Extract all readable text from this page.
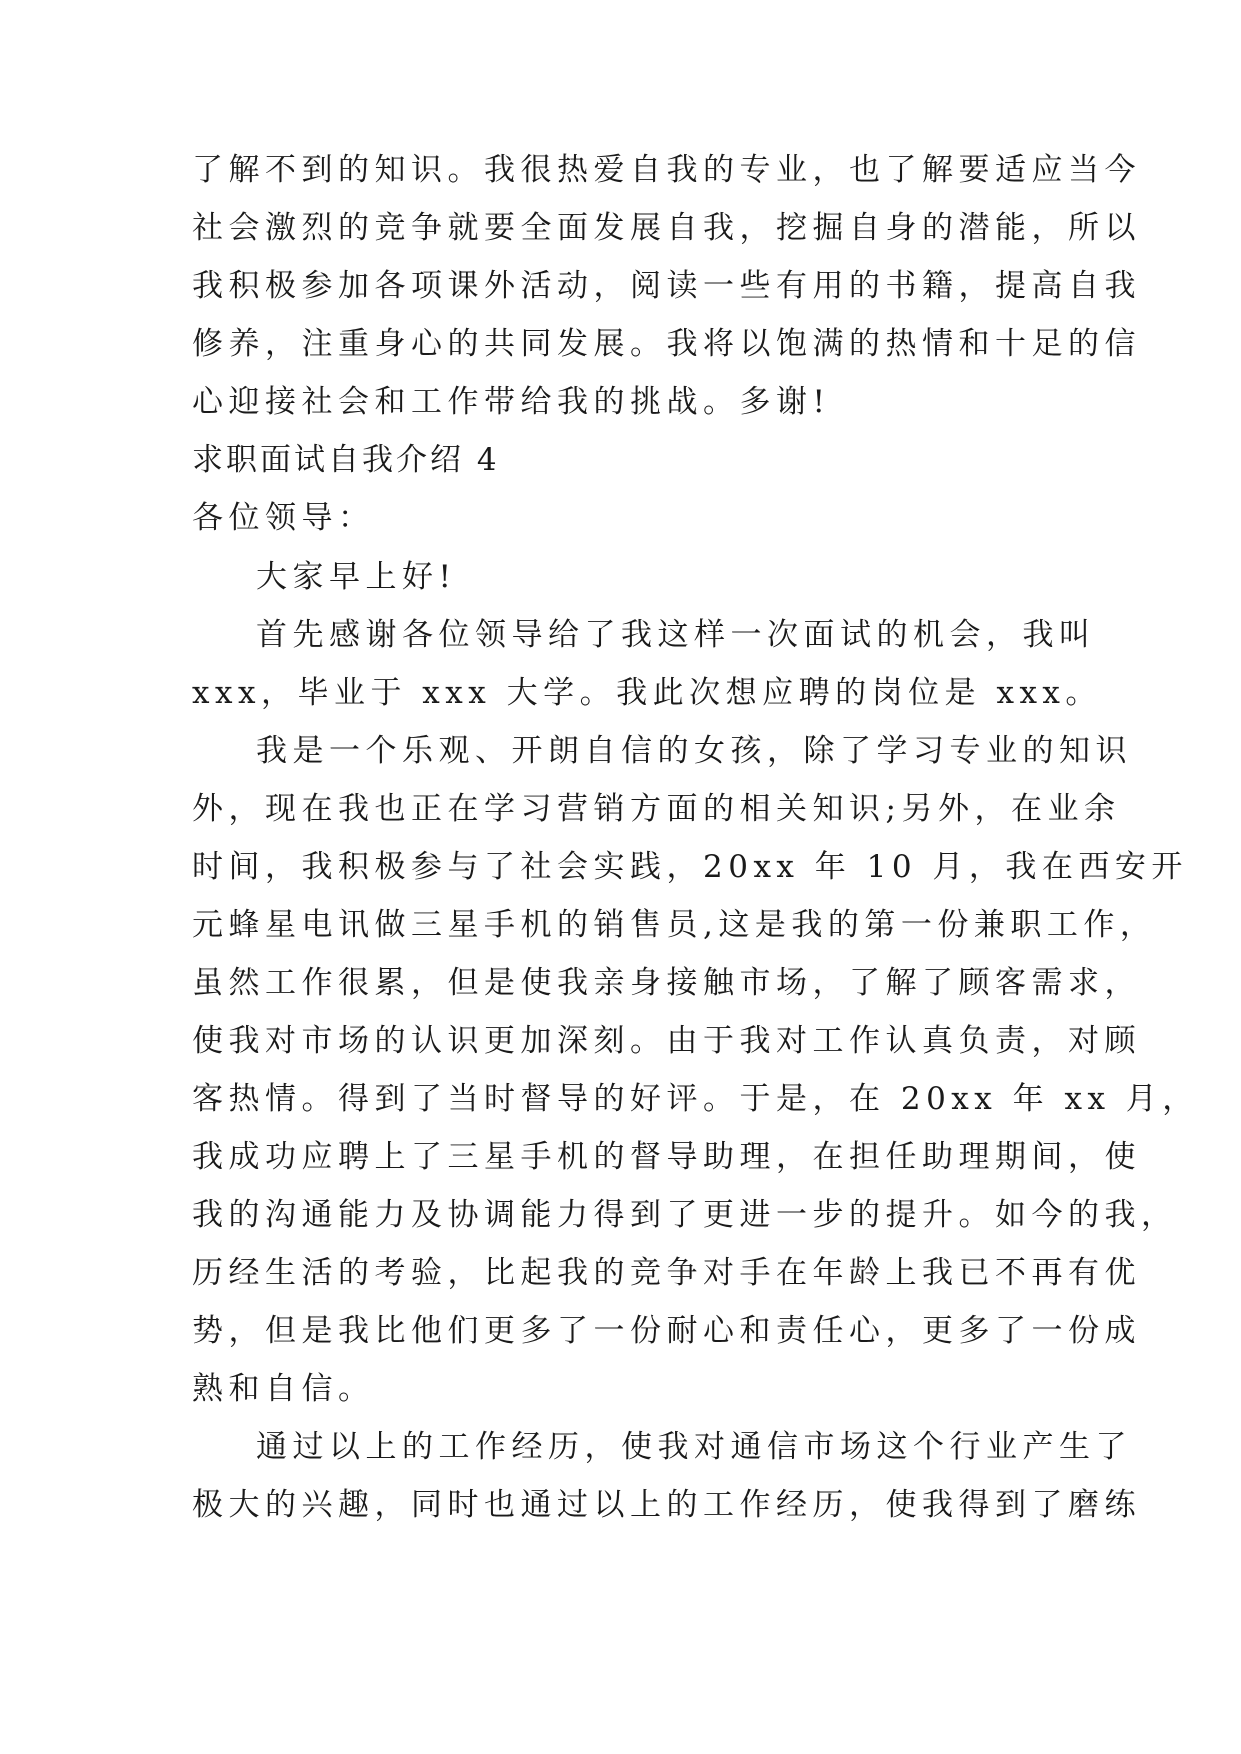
了解不到的知识。我很热爱自我的专业，也了解要适应当今
社会激烈的竞争就要全面发展自我，挖掘自身的潜能，所以
我积极参加各项课外活动，阅读一些有用的书籍，提高自我
修养，注重身心的共同发展。我将以饱满的热情和十足的信
心迎接社会和工作带给我的挑战。多谢!
求职面试自我介绍 4
各位领导：
大家早上好!
首先感谢各位领导给了我这样一次面试的机会，我叫
xxx，毕业于 xxx 大学。我此次想应聘的岗位是 xxx。
我是一个乐观、开朗自信的女孩，除了学习专业的知识
外，现在我也正在学习营销方面的相关知识;另外，在业余
时间，我积极参与了社会实践，20xx 年 10 月，我在西安开
元蜂星电讯做三星手机的销售员,这是我的第一份兼职工作，
虽然工作很累，但是使我亲身接触市场，了解了顾客需求，
使我对市场的认识更加深刻。由于我对工作认真负责，对顾
客热情。得到了当时督导的好评。于是，在 20xx 年 xx 月，
我成功应聘上了三星手机的督导助理，在担任助理期间，使
我的沟通能力及协调能力得到了更进一步的提升。如今的我，
历经生活的考验，比起我的竞争对手在年龄上我已不再有优
势，但是我比他们更多了一份耐心和责任心，更多了一份成
熟和自信。
通过以上的工作经历，使我对通信市场这个行业产生了
极大的兴趣，同时也通过以上的工作经历，使我得到了磨练
